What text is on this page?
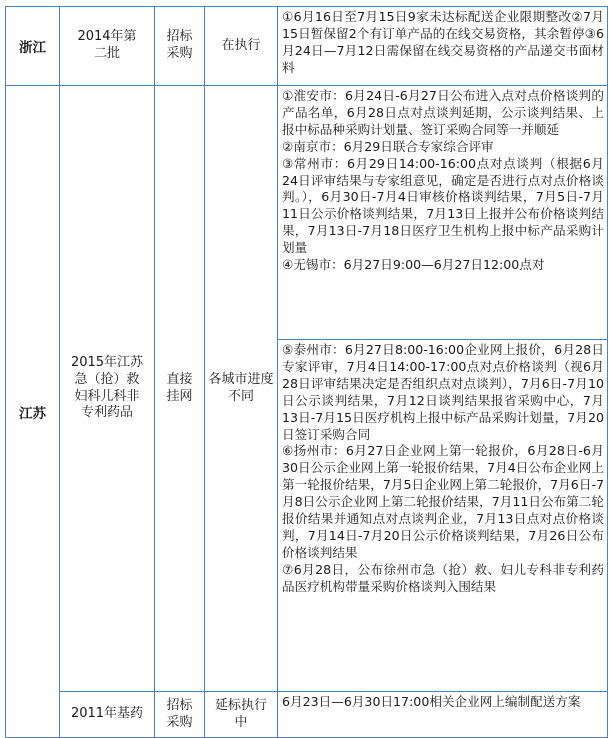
浙江
2014年第二批
招标采购
在执行

①6月16日至7月15日9家未达标配送企业限期整改②7月15日暂保留2个有订单产品的在线交易资格，其余暂停③6月24日—7月12日需保留在线交易资格的产品递交书面材料

江苏
2015年江苏急（抢）救妇科儿科非专利药品
直接挂网
各城市进度不同

①淮安市：6月24日-6月27日公布进入点对点价格谈判的产品名单，6月28日点对点谈判延期，公示谈判结果、上报中标品种采购计划量、签订采购合同等一并顺延

②南京市：6月29日联合专家综合评审

③常州市：6月29日14:00-16:00点对点谈判（根据6月24日评审结果与专家组意见，确定是否进行点对点价格谈判。），6月30日-7月4日审核价格谈判结果，7月5日-7月11日公示价格谈判结果，7月13日上报并公布价格谈判结果，7月13日-7月18日医疗卫生机构上报中标产品采购计划量

④无锡市：6月27日9:00—6月27日12:00点对

⑤泰州市：6月27日8:00-16:00企业网上报价，6月28日专家评审，7月4日14:00-17:00点对点价格谈判（视6月28日评审结果决定是否组织点对点谈判），7月6日-7月10日公示谈判结果，7月12日谈判结果报省采购中心，7月13日-7月15日医疗机构上报中标产品采购计划量，7月20日签订采购合同

⑥扬州市：6月27日企业网上第一轮报价，6月28日-6月30日公示企业网上第一轮报价结果，7月4日公布企业网上第一轮报价结果，7月5日企业网上第二轮报价，7月6日-7月8日公示企业网上第二轮报价结果，7月11日公布第二轮报价结果并通知点对点谈判企业，7月13日点对点价格谈判，7月14日-7月20日公示价格谈判结果，7月26日公布价格谈判结果

⑦6月28日，公布徐州市急（抢）救、妇儿专科非专利药品医疗机构带量采购价格谈判入围结果

2011年基药
招标采购
延标执行中

6月23日—6月30日17:00相关企业网上编制配送方案
